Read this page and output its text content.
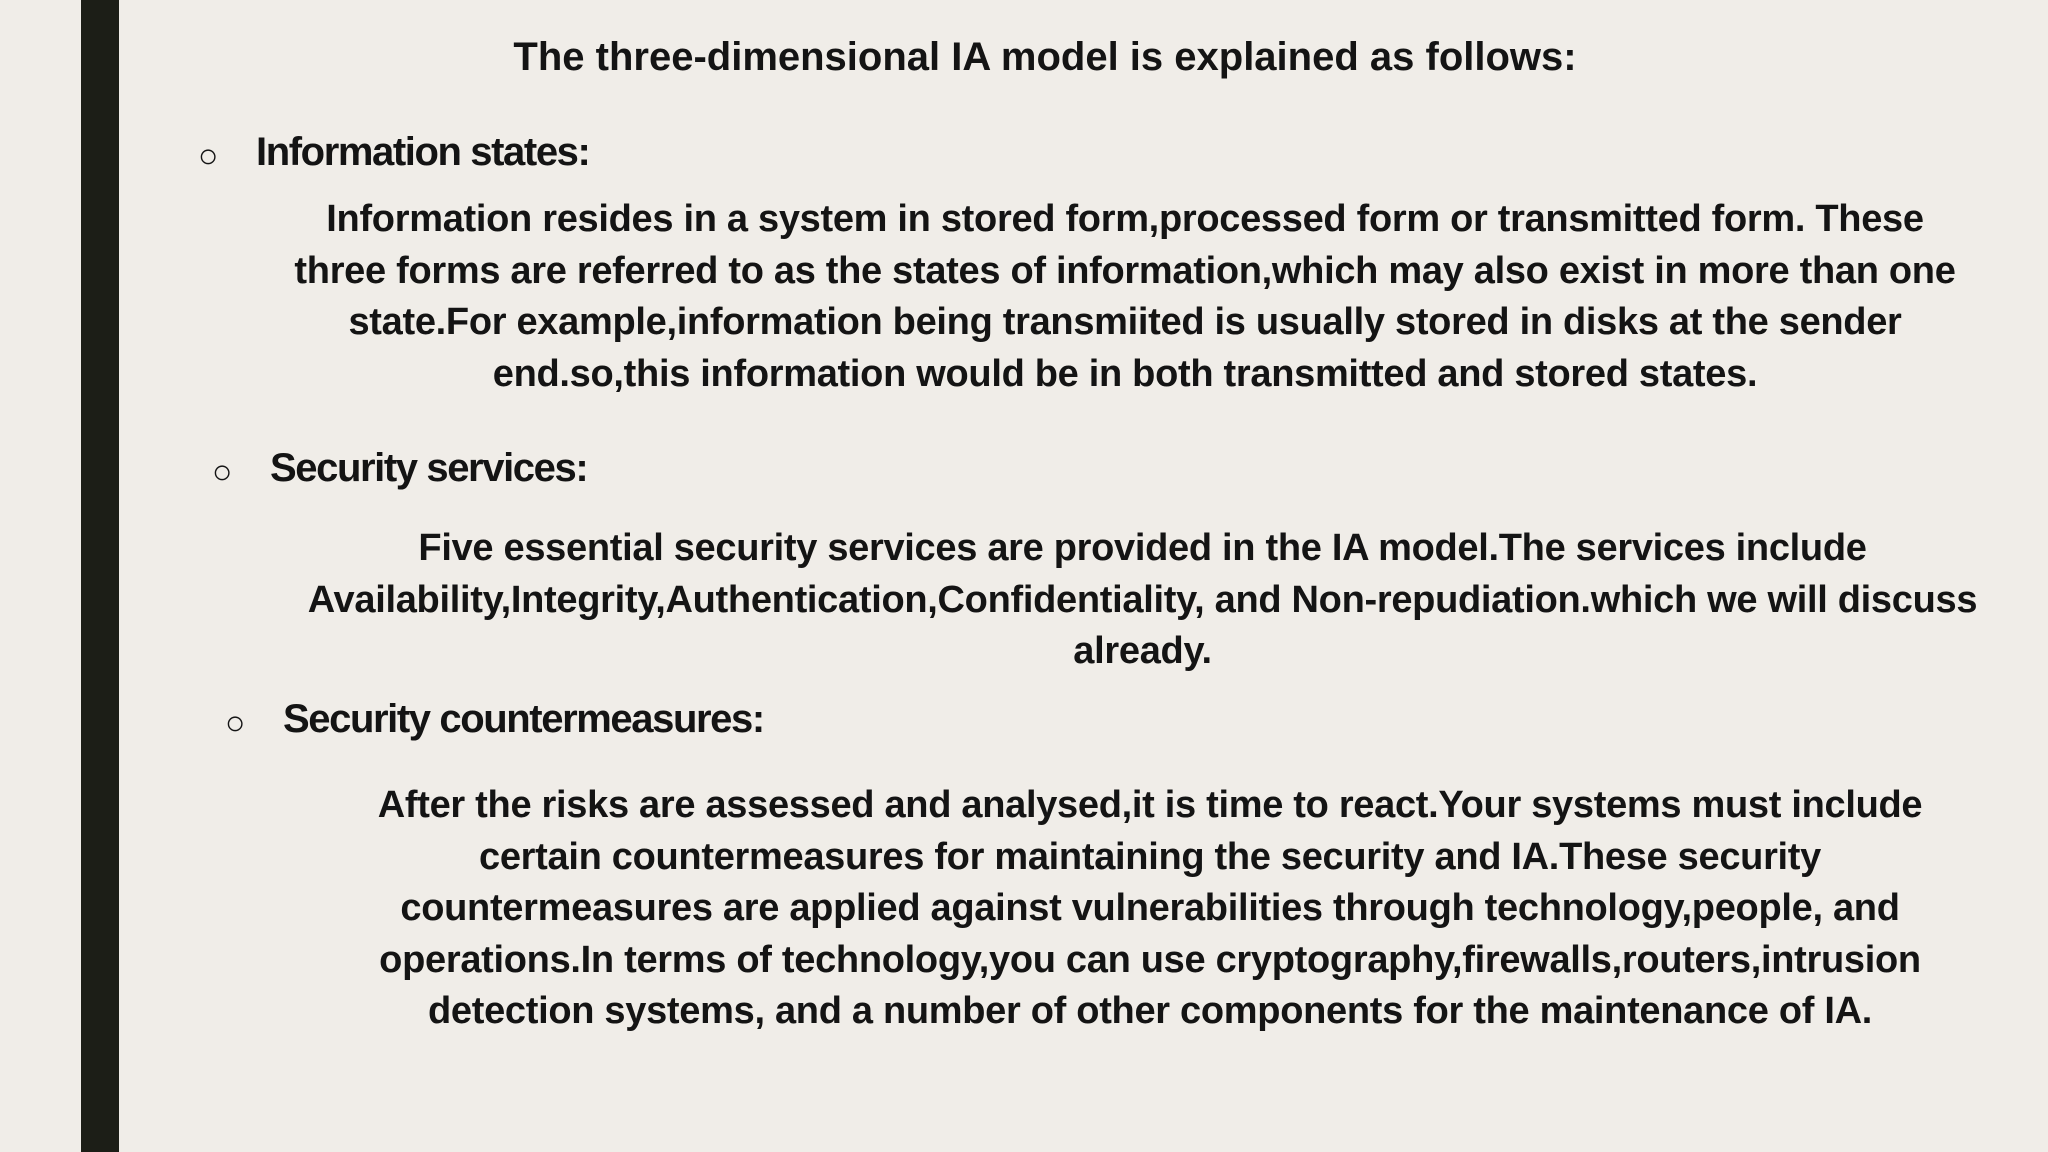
The three-dimensional IA model is explained as follows:
○ Information states:
Information resides in a system in stored form,processed form or transmitted form. These
three forms are referred to as the states of information,which may also exist in more than one
state.For example,information being transmiited is usually stored in disks at the sender
end.so,this information would be in both transmitted and stored states.
○ Security services:
Five essential security services are provided in the IA model.The services include
Availability,Integrity,Authentication,Confidentiality, and Non-repudiation.which we will discuss
already.
○ Security countermeasures:
After the risks are assessed and analysed,it is time to react.Your systems must include
certain countermeasures for maintaining the security and IA.These security
countermeasures are applied against vulnerabilities through technology,people, and
operations.In terms of technology,you can use cryptography,firewalls,routers,intrusion
detection systems, and a number of other components for the maintenance of IA.
